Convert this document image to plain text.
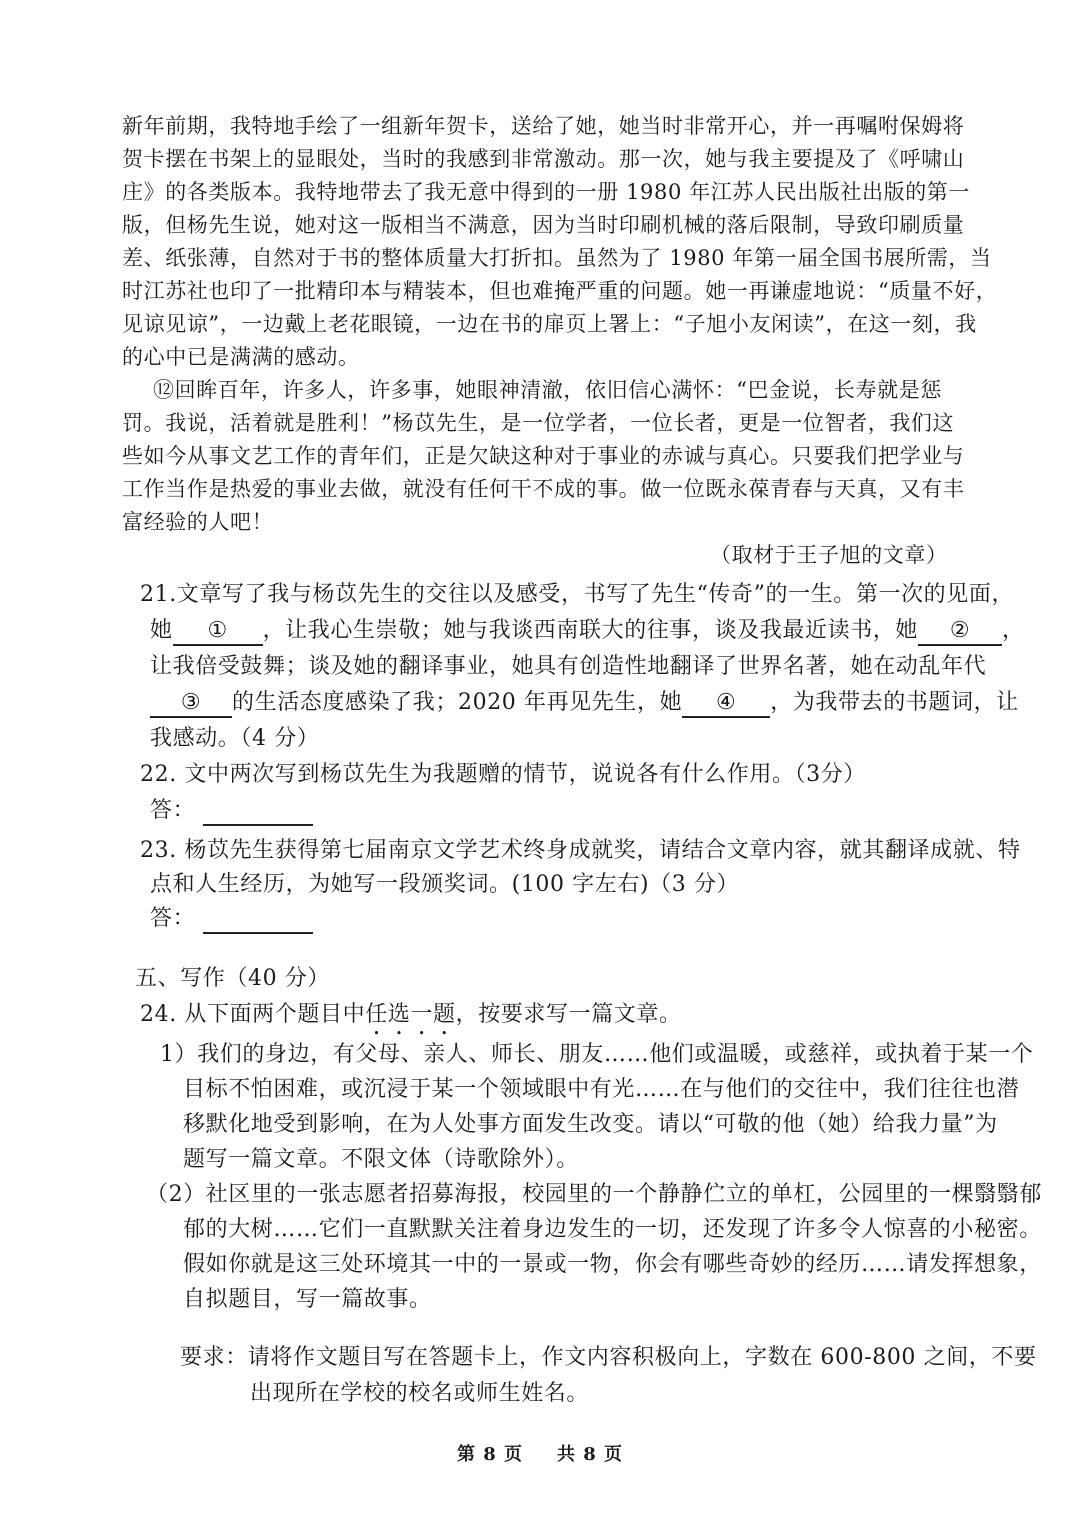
新年前期，我特地手绘了一组新年贺卡，送给了她，她当时非常开心，并一再嘱咐保姆将
贺卡摆在书架上的显眼处，当时的我感到非常激动。那一次，她与我主要提及了《呼啸山
庄》的各类版本。我特地带去了我无意中得到的一册 1980 年江苏人民出版社出版的第一
版，但杨先生说，她对这一版相当不满意，因为当时印刷机械的落后限制，导致印刷质量
差、纸张薄，自然对于书的整体质量大打折扣。虽然为了 1980 年第一届全国书展所需，当
时江苏社也印了一批精印本与精装本，但也难掩严重的问题。她一再谦虚地说：“质量不好，
见谅见谅”，一边戴上老花眼镜，一边在书的扉页上署上：“子旭小友闲读”，在这一刻，我
的心中已是满满的感动。
⑫回眸百年，许多人，许多事，她眼神清澈，依旧信心满怀：“巴金说，长寿就是惩
罚。我说，活着就是胜利！”杨苡先生，是一位学者，一位长者，更是一位智者，我们这
些如今从事文艺工作的青年们，正是欠缺这种对于事业的赤诚与真心。只要我们把学业与
工作当作是热爱的事业去做，就没有任何干不成的事。做一位既永葆青春与天真，又有丰
富经验的人吧！
（取材于王子旭的文章）
21.文章写了我与杨苡先生的交往以及感受，书写了先生“传奇”的一生。第一次的见面，
她 ① ，让我心生崇敬；她与我谈西南联大的往事，谈及我最近读书，她 ② ，
让我倍受鼓舞；谈及她的翻译事业，她具有创造性地翻译了世界名著，她在动乱年代
③ 的生活态度感染了我；2020 年再见先生，她 ④ ，为我带去的书题词，让
我感动。（4 分）
22. 文中两次写到杨苡先生为我题赠的情节，说说各有什么作用。（3分）
答：
23. 杨苡先生获得第七届南京文学艺术终身成就奖，请结合文章内容，就其翻译成就、特
点和人生经历，为她写一段颁奖词。(100 字左右)（3 分）
答：
五、写作（40 分）
24. 从下面两个题目中任选一题，按要求写一篇文章。
1）我们的身边，有父母、亲人、师长、朋友……他们或温暖，或慈祥，或执着于某一个
目标不怕困难，或沉浸于某一个领域眼中有光……在与他们的交往中，我们往往也潜
移默化地受到影响，在为人处事方面发生改变。请以“可敬的他（她）给我力量”为
题写一篇文章。不限文体（诗歌除外）。
（2）社区里的一张志愿者招募海报，校园里的一个静静伫立的单杠，公园里的一棵翳翳郁
郁的大树……它们一直默默关注着身边发生的一切，还发现了许多令人惊喜的小秘密。
假如你就是这三处环境其一中的一景或一物，你会有哪些奇妙的经历……请发挥想象，
自拟题目，写一篇故事。
要求：请将作文题目写在答题卡上，作文内容积极向上，字数在 600-800 之间，不要
出现所在学校的校名或师生姓名。
第 8 页 共 8 页
